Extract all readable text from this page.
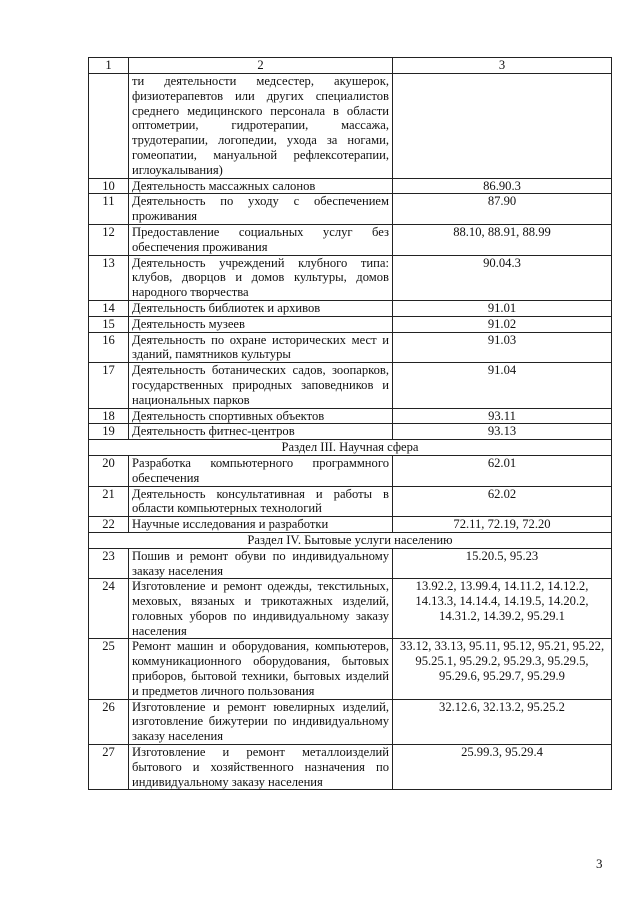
1	2	3
	ти деятельности медсестер, акушерок, физиотерапевтов или других специалистов среднего медицинского персонала в области оптометрии, гидротерапии, массажа, трудотерапии, логопедии, ухода за ногами, гомеопатии, мануальной рефлексотерапии, иглоукалывания)	
10	Деятельность массажных салонов	86.90.3
11	Деятельность по уходу с обеспечением проживания	87.90
12	Предоставление социальных услуг без обеспечения проживания	88.10, 88.91, 88.99
13	Деятельность учреждений клубного типа: клубов, дворцов и домов культуры, домов народного творчества	90.04.3
14	Деятельность библиотек и архивов	91.01
15	Деятельность музеев	91.02
16	Деятельность по охране исторических мест и зданий, памятников культуры	91.03
17	Деятельность ботанических садов, зоопарков, государственных природных заповедников и национальных парков	91.04
18	Деятельность спортивных объектов	93.11
19	Деятельность фитнес-центров	93.13
Раздел III. Научная сфера		
20	Разработка компьютерного программного обеспечения	62.01
21	Деятельность консультативная и работы в области компьютерных технологий	62.02
22	Научные исследования и разработки	72.11, 72.19, 72.20
Раздел IV. Бытовые услуги населению		
23	Пошив и ремонт обуви по индивидуальному заказу населения	15.20.5, 95.23
24	Изготовление и ремонт одежды, текстильных, меховых, вязаных и трикотажных изделий, головных уборов по индивидуальному заказу населения	13.92.2, 13.99.4, 14.11.2, 14.12.2, 14.13.3, 14.14.4, 14.19.5, 14.20.2, 14.31.2, 14.39.2, 95.29.1
25	Ремонт машин и оборудования, компьютеров, коммуникационного оборудования, бытовых приборов, бытовой техники, бытовых изделий и предметов личного пользования	33.12, 33.13, 95.11, 95.12, 95.21, 95.22, 95.25.1, 95.29.2, 95.29.3, 95.29.5, 95.29.6, 95.29.7, 95.29.9
26	Изготовление и ремонт ювелирных изделий, изготовление бижутерии по индивидуальному заказу населения	32.12.6, 32.13.2, 95.25.2
27	Изготовление и ремонт металлоизделий бытового и хозяйственного назначения по индивидуальному заказу населения	25.99.3, 95.29.4
3
